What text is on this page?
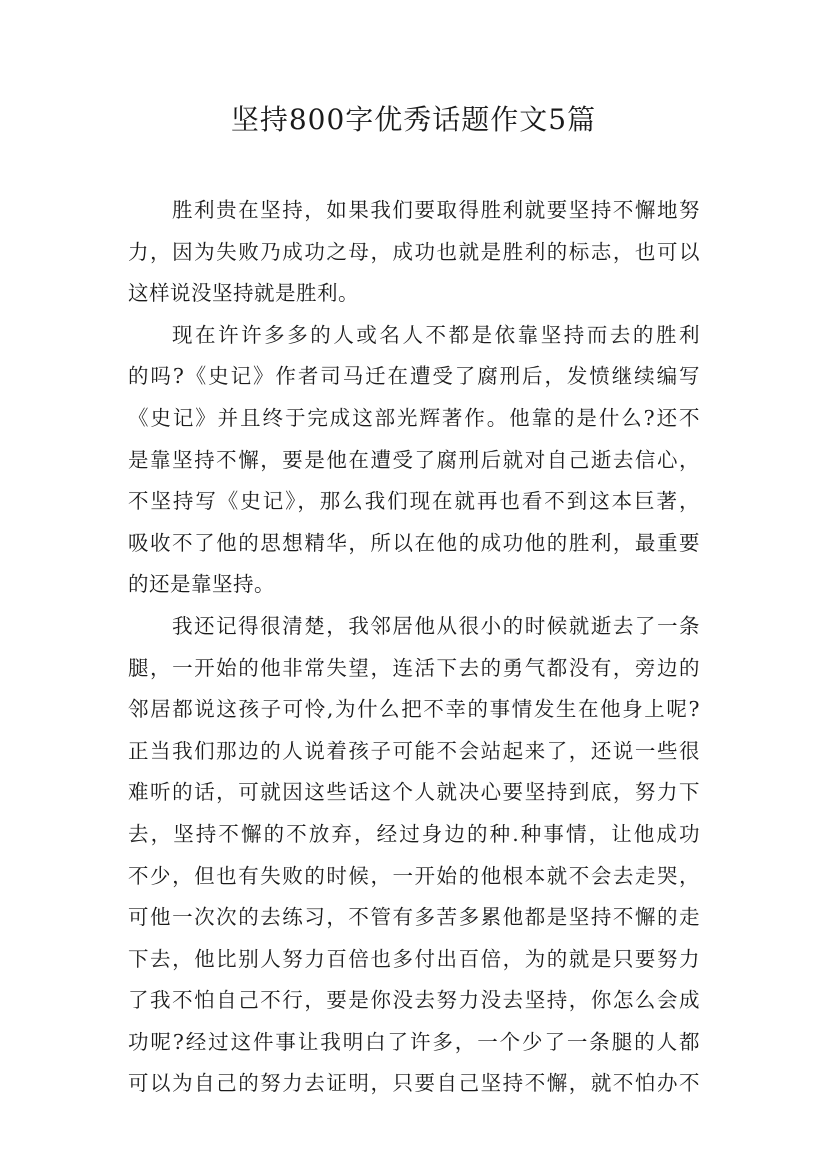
坚持800字优秀话题作文5篇
胜利贵在坚持，如果我们要取得胜利就要坚持不懈地努
力，因为失败乃成功之母，成功也就是胜利的标志，也可以
这样说没坚持就是胜利。
现在许许多多的人或名人不都是依靠坚持而去的胜利
的吗?《史记》作者司马迁在遭受了腐刑后，发愤继续编写
《史记》并且终于完成这部光辉著作。他靠的是什么?还不
是靠坚持不懈，要是他在遭受了腐刑后就对自己逝去信心，
不坚持写《史记》，那么我们现在就再也看不到这本巨著，
吸收不了他的思想精华，所以在他的成功他的胜利，最重要
的还是靠坚持。
我还记得很清楚，我邻居他从很小的时候就逝去了一条
腿，一开始的他非常失望，连活下去的勇气都没有，旁边的
邻居都说这孩子可怜,为什么把不幸的事情发生在他身上呢?
正当我们那边的人说着孩子可能不会站起来了，还说一些很
难听的话，可就因这些话这个人就决心要坚持到底，努力下
去，坚持不懈的不放弃，经过身边的种.种事情，让他成功
不少，但也有失败的时候，一开始的他根本就不会去走哭，
可他一次次的去练习，不管有多苦多累他都是坚持不懈的走
下去，他比别人努力百倍也多付出百倍，为的就是只要努力
了我不怕自己不行，要是你没去努力没去坚持，你怎么会成
功呢?经过这件事让我明白了许多，一个少了一条腿的人都
可以为自己的努力去证明，只要自己坚持不懈，就不怕办不
